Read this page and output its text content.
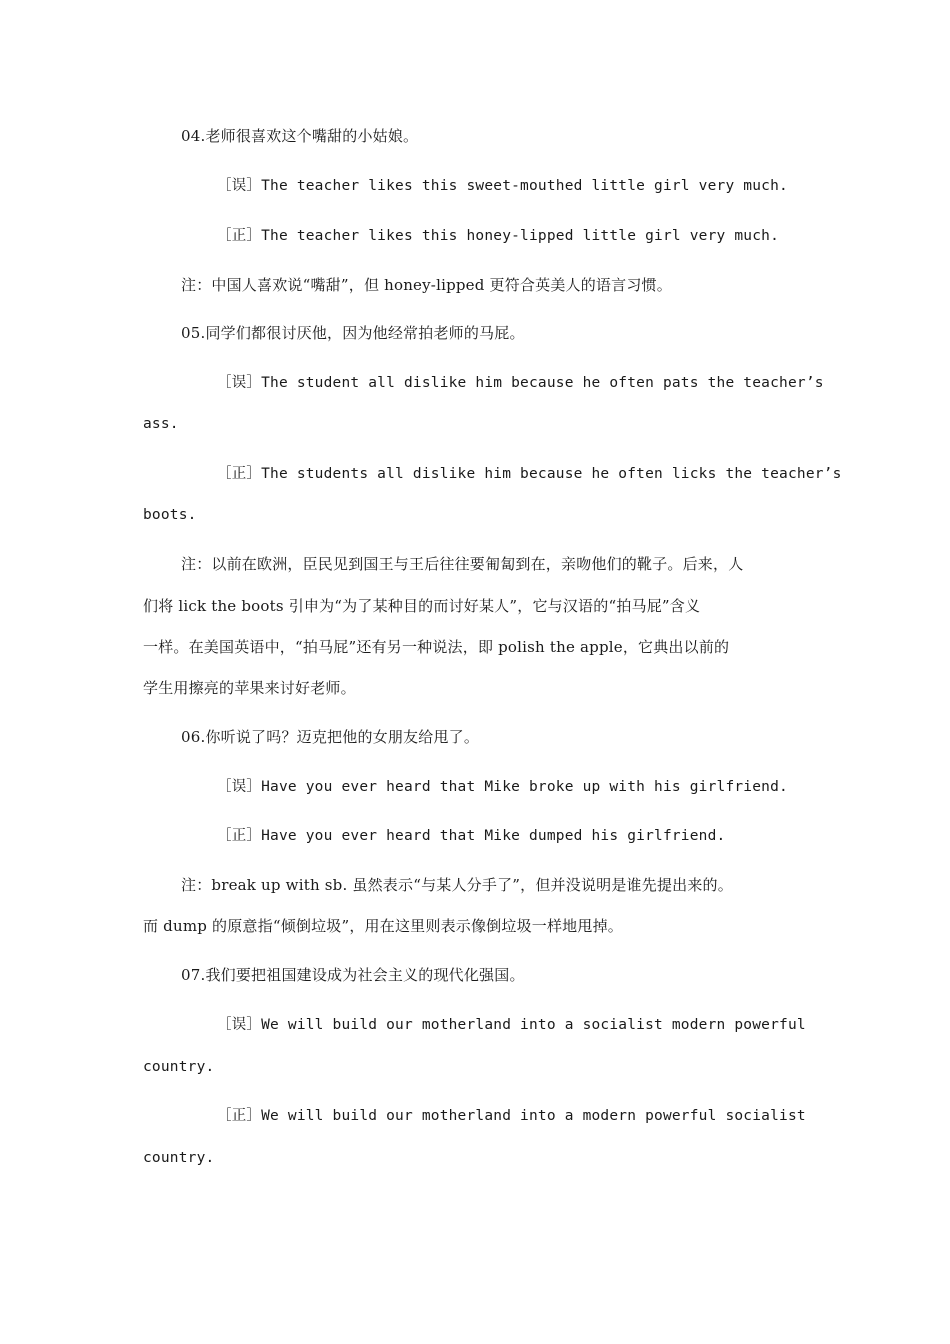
04.老师很喜欢这个嘴甜的小姑娘。
［误］The teacher likes this sweet-mouthed little girl very much.
［正］The teacher likes this honey-lipped little girl very much.
注：中国人喜欢说“嘴甜”，但 honey-lipped 更符合英美人的语言习惯。
05.同学们都很讨厌他，因为他经常拍老师的马屁。
［误］The student all dislike him because he often pats the teacher’s
ass.
［正］The students all dislike him because he often licks the teacher’s
boots.
注：以前在欧洲，臣民见到国王与王后往往要匍匐到在，亲吻他们的靴子。后来，人
们将 lick the boots 引申为“为了某种目的而讨好某人”，它与汉语的“拍马屁”含义
一样。在美国英语中，“拍马屁”还有另一种说法，即 polish the apple，它典出以前的
学生用擦亮的苹果来讨好老师。
06.你听说了吗？迈克把他的女朋友给甩了。
［误］Have you ever heard that Mike broke up with his girlfriend.
［正］Have you ever heard that Mike dumped his girlfriend.
注：break up with sb. 虽然表示“与某人分手了”，但并没说明是谁先提出来的。
而 dump 的原意指“倾倒垃圾”，用在这里则表示像倒垃圾一样地甩掉。
07.我们要把祖国建设成为社会主义的现代化强国。
［误］We will build our motherland into a socialist modern powerful
country.
［正］We will build our motherland into a modern powerful socialist
country.
